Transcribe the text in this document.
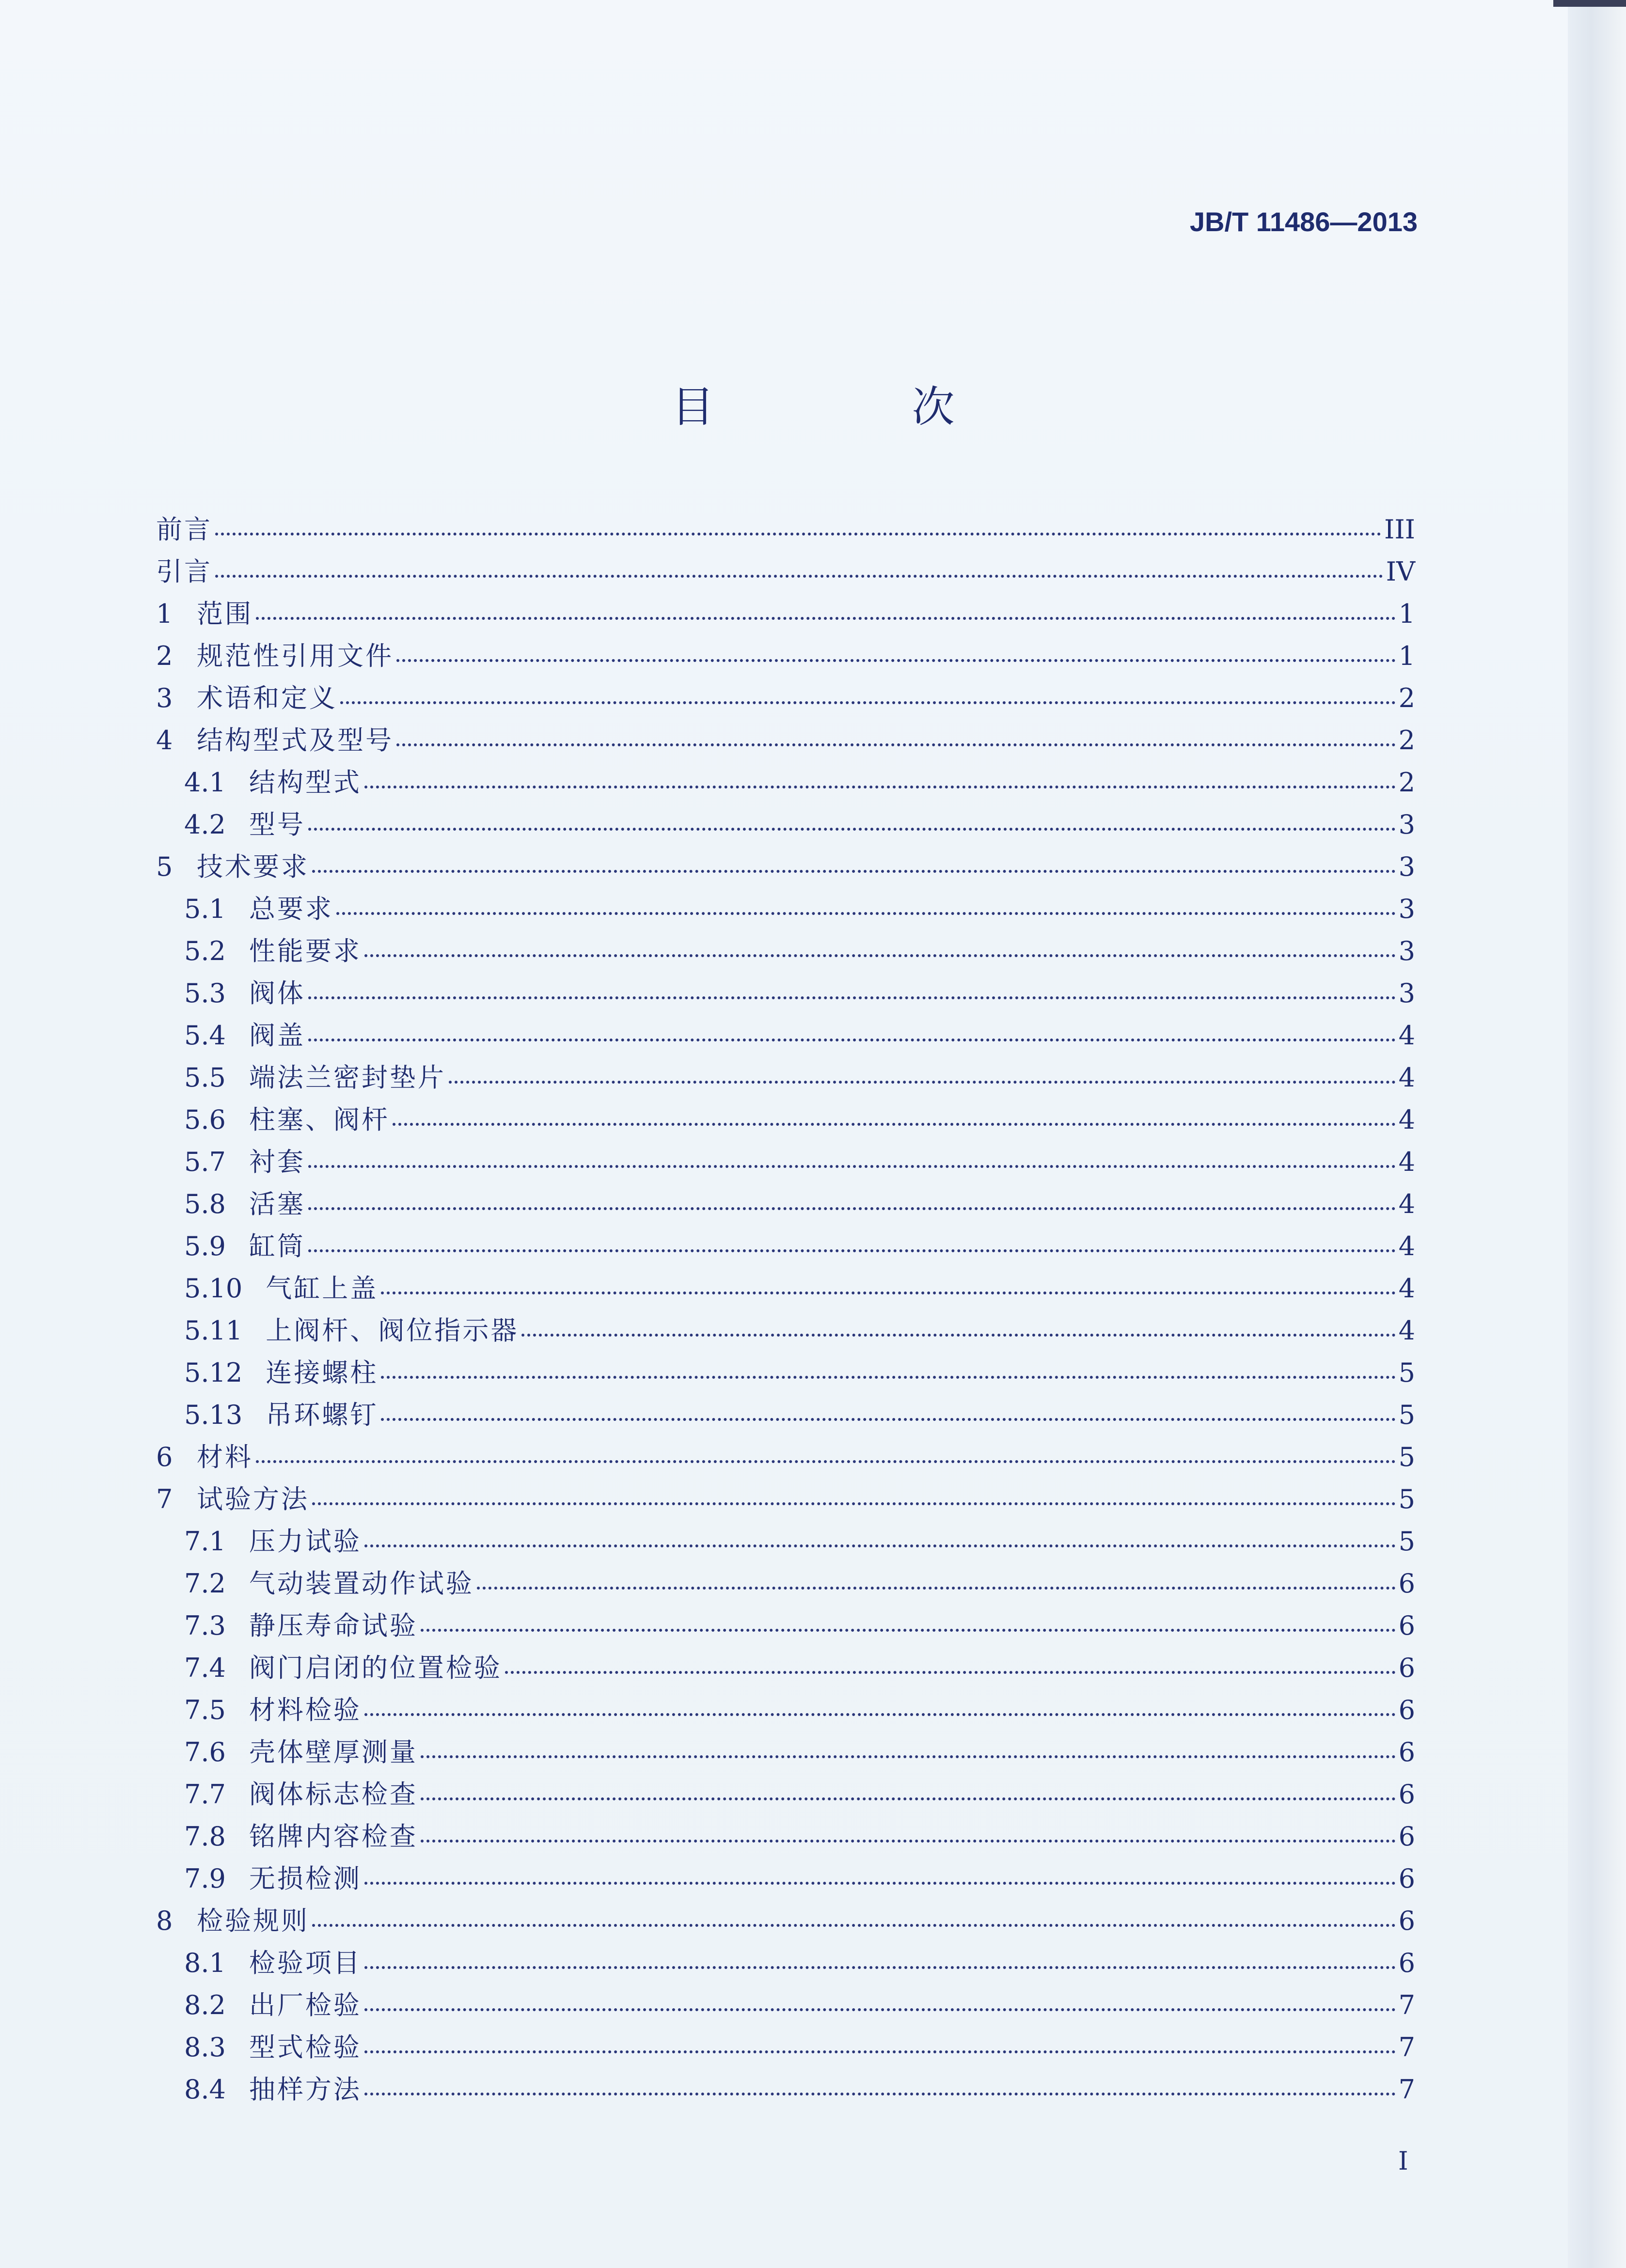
JB/T 11486—2013
目 次
前言	III
引言	IV
1 范围	1
2 规范性引用文件	1
3 术语和定义	2
4 结构型式及型号	2
4.1 结构型式	2
4.2 型号	3
5 技术要求	3
5.1 总要求	3
5.2 性能要求	3
5.3 阀体	3
5.4 阀盖	4
5.5 端法兰密封垫片	4
5.6 柱塞、阀杆	4
5.7 衬套	4
5.8 活塞	4
5.9 缸筒	4
5.10 气缸上盖	4
5.11 上阀杆、阀位指示器	4
5.12 连接螺柱	5
5.13 吊环螺钉	5
6 材料	5
7 试验方法	5
7.1 压力试验	5
7.2 气动装置动作试验	6
7.3 静压寿命试验	6
7.4 阀门启闭的位置检验	6
7.5 材料检验	6
7.6 壳体壁厚测量	6
7.7 阀体标志检查	6
7.8 铭牌内容检查	6
7.9 无损检测	6
8 检验规则	6
8.1 检验项目	6
8.2 出厂检验	7
8.3 型式检验	7
8.4 抽样方法	7
I
